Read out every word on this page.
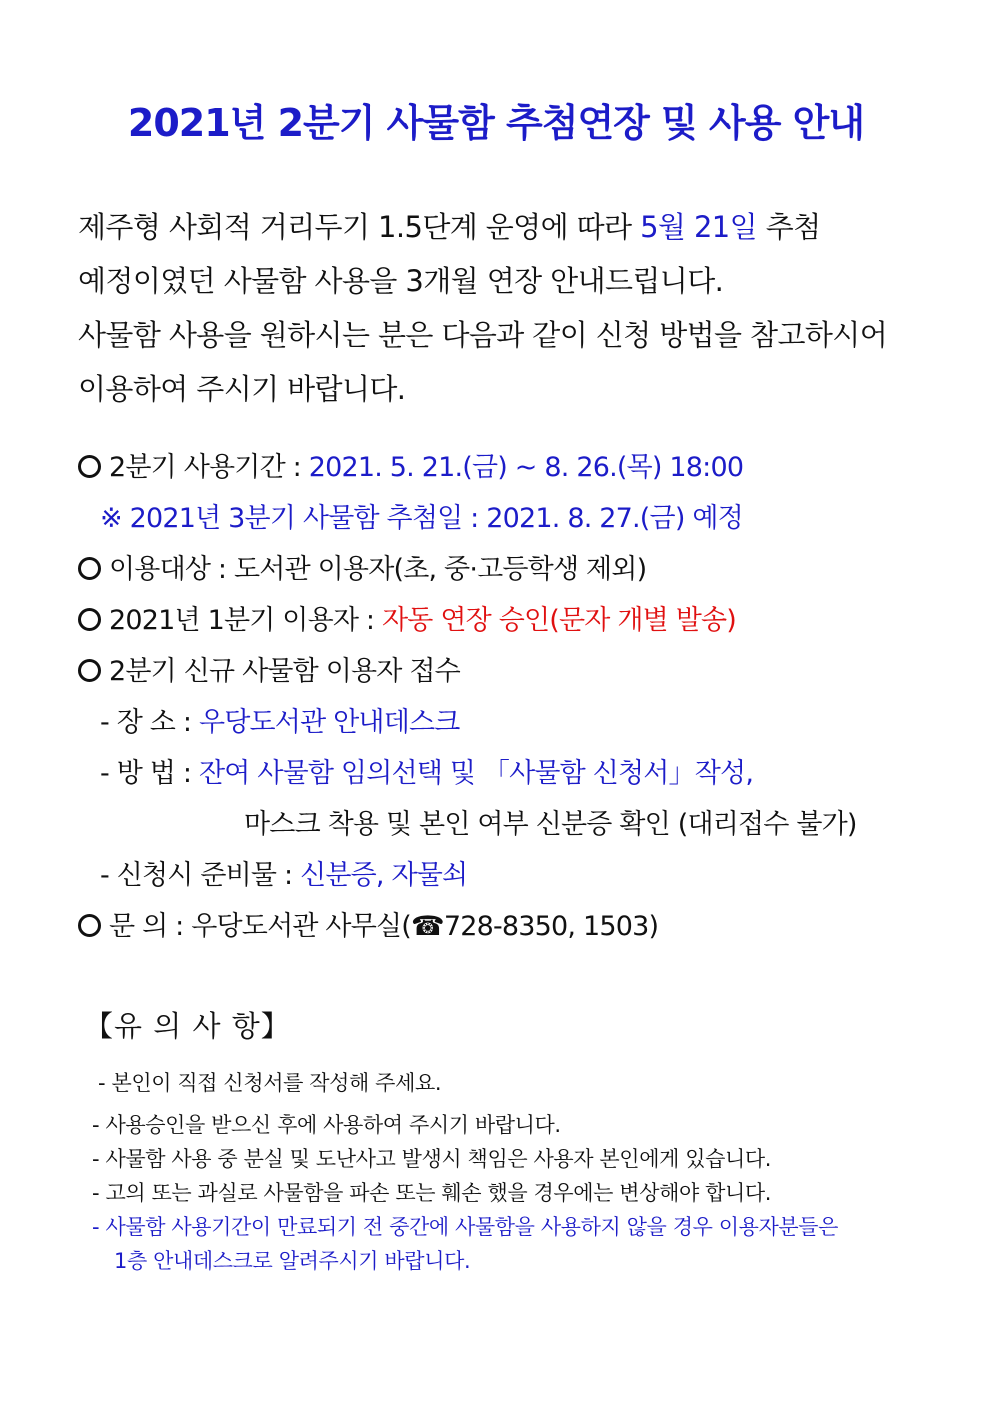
2021년 2분기 사물함 추첨연장 및 사용 안내
제주형 사회적 거리두기 1.5단계 운영에 따라 5월 21일 추첨
예정이였던 사물함 사용을 3개월 연장 안내드립니다.
사물함 사용을 원하시는 분은 다음과 같이 신청 방법을 참고하시어
이용하여 주시기 바랍니다.
2분기 사용기간 : 2021. 5. 21.(금) ~ 8. 26.(목) 18:00
※ 2021년 3분기 사물함 추첨일 : 2021. 8. 27.(금) 예정
이용대상 : 도서관 이용자(초, 중·고등학생 제외)
2021년 1분기 이용자 : 자동 연장 승인(문자 개별 발송)
2분기 신규 사물함 이용자 접수
- 장 소 : 우당도서관 안내데스크
- 방 법 : 잔여 사물함 임의선택 및 「사물함 신청서」작성,
마스크 착용 및 본인 여부 신분증 확인 (대리접수 불가)
- 신청시 준비물 : 신분증, 자물쇠
문 의 : 우당도서관 사무실(☎728-8350, 1503)
【유 의 사 항】
- 본인이 직접 신청서를 작성해 주세요.
- 사용승인을 받으신 후에 사용하여 주시기 바랍니다.
- 사물함 사용 중 분실 및 도난사고 발생시 책임은 사용자 본인에게 있습니다.
- 고의 또는 과실로 사물함을 파손 또는 훼손 했을 경우에는 변상해야 합니다.
- 사물함 사용기간이 만료되기 전 중간에 사물함을 사용하지 않을 경우 이용자분들은
1층 안내데스크로 알려주시기 바랍니다.
